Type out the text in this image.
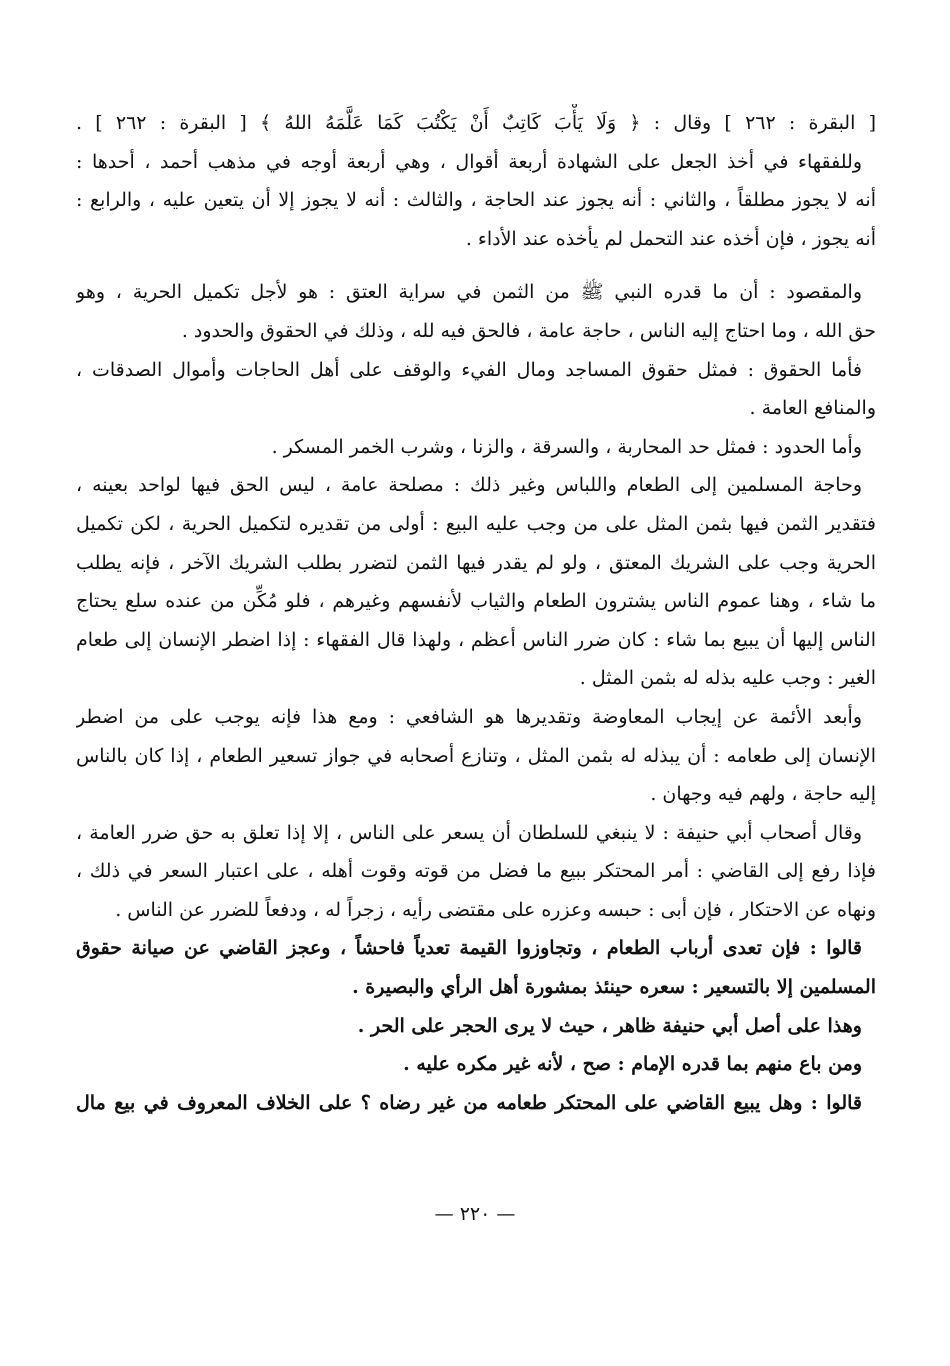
[ البقرة : ٢٦٢ ] وقال : ﴿ وَلَا يَأْبَ كَاتِبٌ أَنْ يَكْتُبَ كَمَا عَلَّمَهُ اللهُ ﴾ [ البقرة : ٢٦٢ ] .
وللفقهاء في أخذ الجعل على الشهادة أربعة أقوال ، وهي أربعة أوجه في مذهب أحمد ، أحدها :
أنه لا يجوز مطلقاً ، والثاني : أنه يجوز عند الحاجة ، والثالث : أنه لا يجوز إلا أن يتعين عليه ، والرابع :
أنه يجوز ، فإن أخذه عند التحمل لم يأخذه عند الأداء .
والمقصود : أن ما قدره النبي ﷺ من الثمن في سراية العتق : هو لأجل تكميل الحرية ، وهو
حق الله ، وما احتاج إليه الناس ، حاجة عامة ، فالحق فيه لله ، وذلك في الحقوق والحدود .
فأما الحقوق : فمثل حقوق المساجد ومال الفيء والوقف على أهل الحاجات وأموال الصدقات ،
والمنافع العامة .
وأما الحدود : فمثل حد المحاربة ، والسرقة ، والزنا ، وشرب الخمر المسكر .
وحاجة المسلمين إلى الطعام واللباس وغير ذلك : مصلحة عامة ، ليس الحق فيها لواحد بعينه ،
فتقدير الثمن فيها بثمن المثل على من وجب عليه البيع : أولى من تقديره لتكميل الحرية ، لكن تكميل
الحرية وجب على الشريك المعتق ، ولو لم يقدر فيها الثمن لتضرر بطلب الشريك الآخر ، فإنه يطلب
ما شاء ، وهنا عموم الناس يشترون الطعام والثياب لأنفسهم وغيرهم ، فلو مُكِّن من عنده سلع يحتاج
الناس إليها أن يبيع بما شاء : كان ضرر الناس أعظم ، ولهذا قال الفقهاء : إذا اضطر الإنسان إلى طعام
الغير : وجب عليه بذله له بثمن المثل .
وأبعد الأئمة عن إيجاب المعاوضة وتقديرها هو الشافعي : ومع هذا فإنه يوجب على من اضطر
الإنسان إلى طعامه : أن يبذله له بثمن المثل ، وتنازع أصحابه في جواز تسعير الطعام ، إذا كان بالناس
إليه حاجة ، ولهم فيه وجهان .
وقال أصحاب أبي حنيفة : لا ينبغي للسلطان أن يسعر على الناس ، إلا إذا تعلق به حق ضرر العامة ،
فإذا رفع إلى القاضي : أمر المحتكر ببيع ما فضل من قوته وقوت أهله ، على اعتبار السعر في ذلك ،
ونهاه عن الاحتكار ، فإن أبى : حبسه وعزره على مقتضى رأيه ، زجراً له ، ودفعاً للضرر عن الناس .
قالوا : فإن تعدى أرباب الطعام ، وتجاوزوا القيمة تعدياً فاحشاً ، وعجز القاضي عن صيانة حقوق
المسلمين إلا بالتسعير : سعره حينئذ بمشورة أهل الرأي والبصيرة .
وهذا على أصل أبي حنيفة ظاهر ، حيث لا يرى الحجر على الحر .
ومن باع منهم بما قدره الإمام : صح ، لأنه غير مكره عليه .
قالوا : وهل يبيع القاضي على المحتكر طعامه من غير رضاه ؟ على الخلاف المعروف في بيع مال
— ٢٢٠ —
